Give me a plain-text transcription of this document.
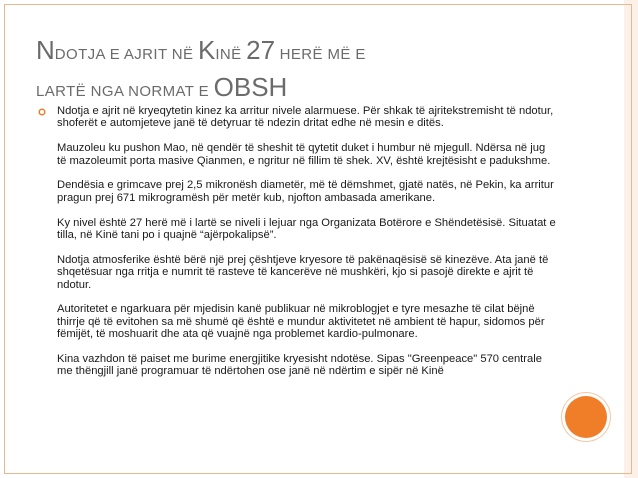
NDOTJA E AJRIT NË KINË 27 HERË MË E
LARTË NGA NORMAT E OBSH

Ndotja e ajrit në kryeqytetin kinez ka arritur nivele alarmuese. Për shkak të ajritekstremisht të ndotur, shoferët e automjeteve janë të detyruar të ndezin dritat edhe në mesin e ditës.

Mauzoleu ku pushon Mao, në qendër të sheshit të qytetit duket i humbur në mjegull. Ndërsa në jug të mazoleumit porta masive Qianmen, e ngritur në fillim të shek. XV, është krejtësisht e padukshme.

Dendësia e grimcave prej 2,5 mikronësh diametër, më të dëmshmet, gjatë natës, në Pekin, ka arritur pragun prej 671 mikrogramësh për metër kub, njofton ambasada amerikane.

Ky nivel është 27 herë më i lartë se niveli i lejuar nga Organizata Botërore e Shëndetësisë. Situatat e tilla, në Kinë tani po i quajnë “ajërpokalipsë”.

Ndotja atmosferike është bërë një prej çështjeve kryesore të pakënaqësisë së kinezëve. Ata janë të shqetësuar nga rritja e numrit të rasteve të kancerëve në mushkëri, kjo si pasojë direkte e ajrit të ndotur.

Autoritetet e ngarkuara për mjedisin kanë publikuar në mikroblogjet e tyre mesazhe të cilat bëjnë thirrje që të evitohen sa më shumë që është e mundur aktivitetet në ambient të hapur, sidomos për fëmijët, të moshuarit dhe ata që vuajnë nga problemet kardio-pulmonare.

Kina vazhdon të paiset me burime energjitike kryesisht ndotëse. Sipas "Greenpeace" 570 centrale me thëngjill janë programuar të ndërtohen ose janë në ndërtim e sipër në Kinë
